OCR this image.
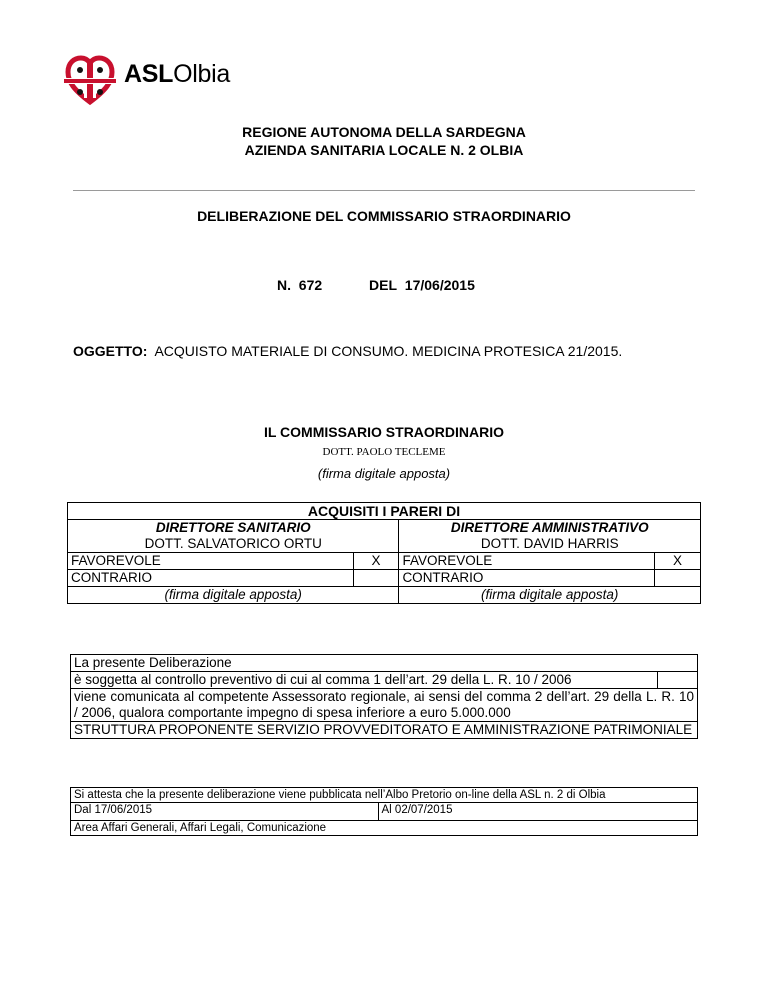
ASLOlbia
REGIONE AUTONOMA DELLA SARDEGNA
AZIENDA SANITARIA LOCALE N. 2 OLBIA
DELIBERAZIONE DEL COMMISSARIO STRAORDINARIO
N. 672	DEL 17/06/2015
OGGETTO: ACQUISTO MATERIALE DI CONSUMO. MEDICINA PROTESICA 21/2015.
IL COMMISSARIO STRAORDINARIO
DOTT. PAOLO TECLEME
(firma digitale apposta)
ACQUISITI I PARERI DI			
DIRETTORE SANITARIO		DIRETTORE AMMINISTRATIVO	
DOTT. SALVATORICO ORTU		DOTT. DAVID HARRIS	
FAVOREVOLE	X	FAVOREVOLE	X
CONTRARIO		CONTRARIO	
(firma digitale apposta)		(firma digitale apposta)	
La presente Deliberazione
è soggetta al controllo preventivo di cui al comma 1 dell’art. 29 della L. R. 10 / 2006	
viene comunicata al competente Assessorato regionale, ai sensi del comma 2 dell’art. 29 della L. R. 10 / 2006, qualora comportante impegno di spesa inferiore a euro 5.000.000
STRUTTURA PROPONENTE SERVIZIO PROVVEDITORATO E AMMINISTRAZIONE PATRIMONIALE
Si attesta che la presente deliberazione viene pubblicata nell’Albo Pretorio on-line della ASL n. 2 di Olbia
Dal 17/06/2015	Al 02/07/2015
Area Affari Generali, Affari Legali, Comunicazione
